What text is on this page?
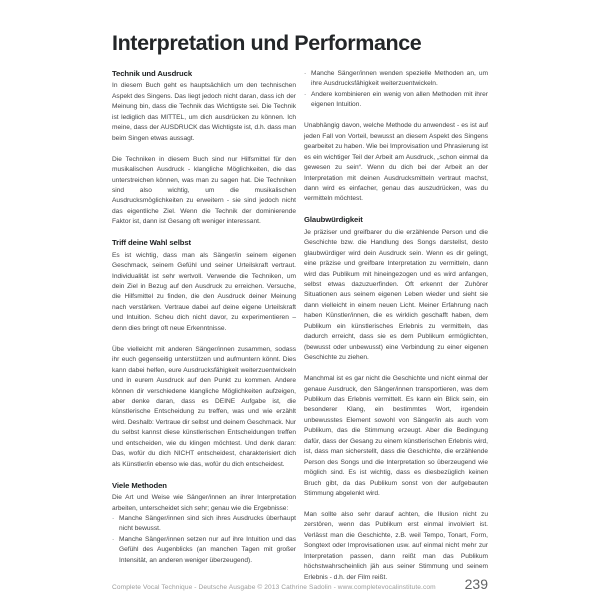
Interpretation und Performance
Technik und Ausdruck

In diesem Buch geht es hauptsächlich um den technischen Aspekt des Singens. Das liegt jedoch nicht daran, dass ich der Meinung bin, dass die Technik das Wichtigste sei. Die Technik ist lediglich das MITTEL, um dich ausdrücken zu können. Ich meine, dass der AUSDRUCK das Wichtigste ist, d.h. dass man beim Singen etwas aussagt.

Die Techniken in diesem Buch sind nur Hilfsmittel für den musikalischen Ausdruck - klangliche Möglichkeiten, die das unterstreichen können, was man zu sagen hat. Die Techniken sind also wichtig, um die musikalischen Ausdrucksmöglichkeiten zu erweitern - sie sind jedoch nicht das eigentliche Ziel. Wenn die Technik der dominierende Faktor ist, dann ist Gesang oft weniger interessant.

Triff deine Wahl selbst

Es ist wichtig, dass man als Sänger/in seinem eigenen Geschmack, seinem Gefühl und seiner Urteilskraft vertraut. Individualität ist sehr wertvoll. Verwende die Techniken, um dein Ziel in Bezug auf den Ausdruck zu erreichen. Versuche, die Hilfsmittel zu finden, die den Ausdruck deiner Meinung nach verstärken. Vertraue dabei auf deine eigene Urteilskraft und Intuition. Scheu dich nicht davor, zu experimentieren – denn dies bringt oft neue Erkenntnisse.

Übe vielleicht mit anderen Sänger/innen zusammen, sodass ihr euch gegenseitig unterstützen und aufmuntern könnt. Dies kann dabei helfen, eure Ausdrucksfähigkeit weiterzuentwickeln und in eurem Ausdruck auf den Punkt zu kommen. Andere können dir verschiedene klangliche Möglichkeiten aufzeigen, aber denke daran, dass es DEINE Aufgabe ist, die künstlerische Entscheidung zu treffen, was und wie erzählt wird. Deshalb: Vertraue dir selbst und deinem Geschmack. Nur du selbst kannst diese künstlerischen Entscheidungen treffen und entscheiden, wie du klingen möchtest. Und denk daran: Das, wofür du dich NICHT entscheidest, charakterisiert dich als Künstler/in ebenso wie das, wofür du dich entscheidest.

Viele Methoden

Die Art und Weise wie Sänger/innen an ihrer Interpretation arbeiten, unterscheidet sich sehr; genau wie die Ergebnisse:

· Manche Sänger/innen sind sich ihres Ausdrucks überhaupt nicht bewusst.
· Manche Sänger/innen setzen nur auf ihre Intuition und das Gefühl des Augenblicks (an manchen Tagen mit großer Intensität, an anderen weniger überzeugend).
· Manche Sänger/innen wenden spezielle Methoden an, um ihre Ausdrucksfähigkeit weiterzuentwickeln.
· Andere kombinieren ein wenig von allen Methoden mit ihrer eigenen Intuition.

Unabhängig davon, welche Methode du anwendest - es ist auf jeden Fall von Vorteil, bewusst an diesem Aspekt des Singens gearbeitet zu haben. Wie bei Improvisation und Phrasierung ist es ein wichtiger Teil der Arbeit am Ausdruck, „schon einmal da gewesen zu sein“. Wenn du dich bei der Arbeit an der Interpretation mit deinen Ausdrucksmitteln vertraut machst, dann wird es einfacher, genau das auszudrücken, was du vermitteln möchtest.

Glaubwürdigkeit

Je präziser und greifbarer du die erzählende Person und die Geschichte bzw. die Handlung des Songs darstellst, desto glaubwürdiger wird dein Ausdruck sein. Wenn es dir gelingt, eine präzise und greifbare Interpretation zu vermitteln, dann wird das Publikum mit hineingezogen und es wird anfangen, selbst etwas dazuzuerfinden. Oft erkennt der Zuhörer Situationen aus seinem eigenen Leben wieder und sieht sie dann vielleicht in einem neuen Licht. Meiner Erfahrung nach haben Künstler/innen, die es wirklich geschafft haben, dem Publikum ein künstlerisches Erlebnis zu vermitteln, das dadurch erreicht, dass sie es dem Publikum ermöglichten, (bewusst oder unbewusst) eine Verbindung zu einer eigenen Geschichte zu ziehen.

Manchmal ist es gar nicht die Geschichte und nicht einmal der genaue Ausdruck, den Sänger/innen transportieren, was dem Publikum das Erlebnis vermittelt. Es kann ein Blick sein, ein besonderer Klang, ein bestimmtes Wort, irgendein unbewusstes Element sowohl von Sänger/in als auch vom Publikum, das die Stimmung erzeugt. Aber die Bedingung dafür, dass der Gesang zu einem künstlerischen Erlebnis wird, ist, dass man sicherstellt, dass die Geschichte, die erzählende Person des Songs und die Interpretation so überzeugend wie möglich sind. Es ist wichtig, dass es diesbezüglich keinen Bruch gibt, da das Publikum sonst von der aufgebauten Stimmung abgelenkt wird.

Man sollte also sehr darauf achten, die Illusion nicht zu zerstören, wenn das Publikum erst einmal involviert ist. Verlässt man die Geschichte, z.B. weil Tempo, Tonart, Form, Songtext oder Improvisationen usw. auf einmal nicht mehr zur Interpretation passen, dann reißt man das Publikum höchstwahrscheinlich jäh aus seiner Stimmung und seinem Erlebnis - d.h. der Film reißt.

Complete Vocal Technique - Deutsche Ausgabe © 2013 Cathrine Sadolin - www.completevocalinstitute.com 239
